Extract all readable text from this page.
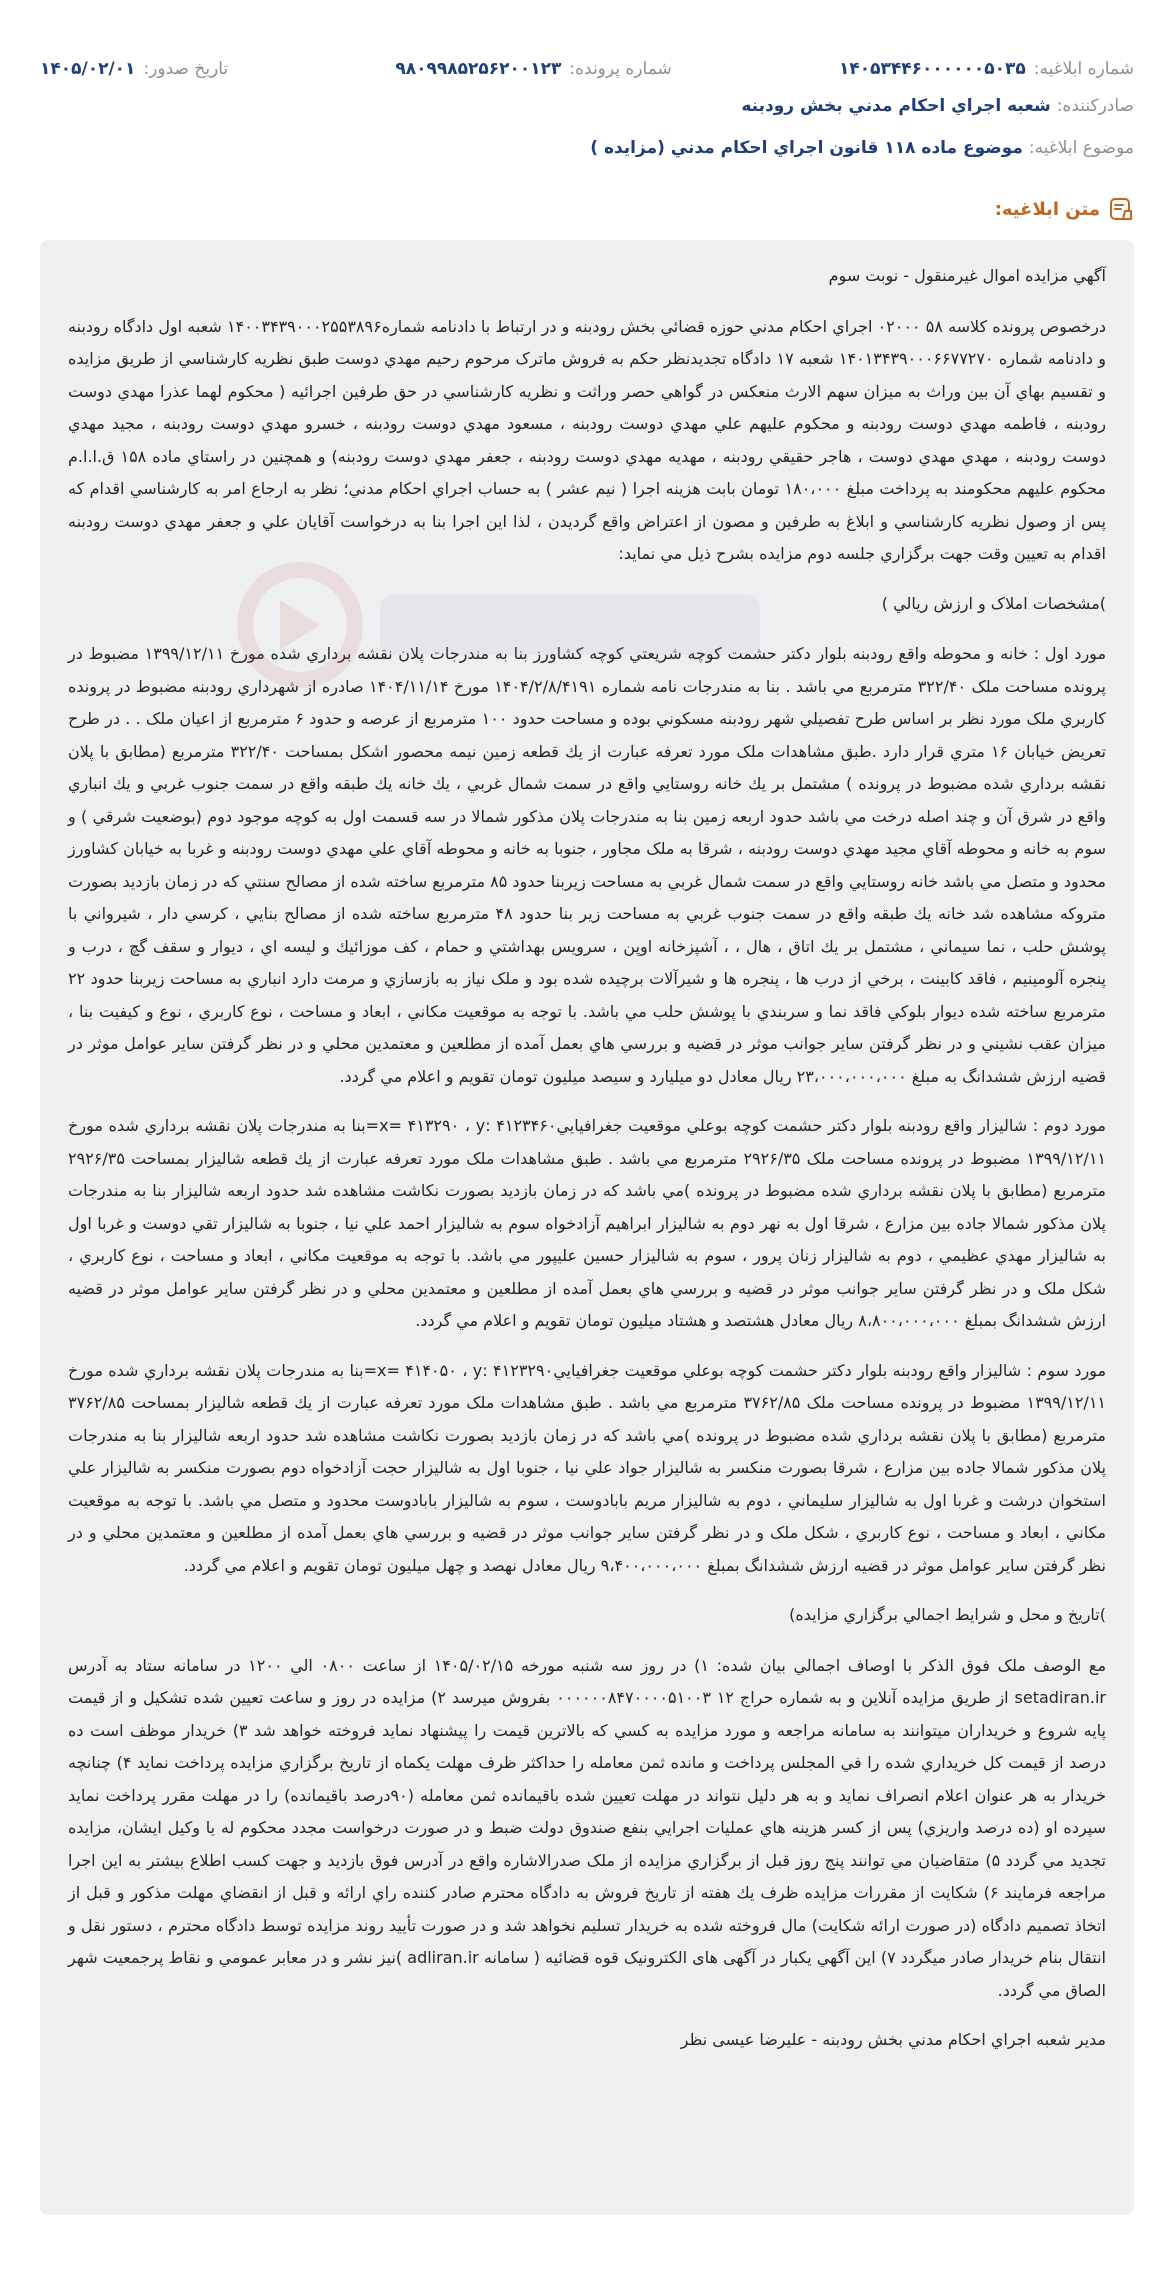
شماره ابلاغیه:
۱۴۰۵۳۴۴۶۰۰۰۰۰۰۵۰۳۵
شماره پرونده:
۹۸۰۹۹۸۵۲۵۶۲۰۰۱۲۳
تاریخ صدور:
۱۴۰۵/۰۲/۰۱
صادرکننده:
شعبه اجراي احكام مدني بخش رودبنه
موضوع ابلاغیه:
موضوع ماده ۱۱۸ قانون اجراي احكام مدني (مزايده )
متن ابلاغیه:

آگهي مزايده اموال غيرمنقول - نوبت سوم

درخصوص پرونده كلاسه ۵۸ ۰۲۰۰۰ اجراي احكام مدني حوزه قضائي بخش رودبنه و در ارتباط با دادنامه شماره۱۴۰۰۳۴۳۹۰۰۰۲۵۵۳۸۹۶ شعبه اول دادگاه رودبنه و دادنامه شماره ۱۴۰۱۳۴۳۹۰۰۰۶۶۷۷۲۷۰ شعبه ۱۷ دادگاه تجديدنظر حكم به فروش ماترک مرحوم رحيم مهدي دوست طبق نظريه كارشناسي از طريق مزايده و تقسيم بهاي آن بين وراث به ميزان سهم الارث منعكس در گواهي حصر وراثت و نظريه كارشناسي در حق طرفين اجرائيه ( محكوم لهما عذرا مهدي دوست رودبنه ، فاطمه مهدي دوست رودبنه و محكوم عليهم علي مهدي دوست رودبنه ، مسعود مهدي دوست رودبنه ، خسرو مهدي دوست رودبنه ، مجيد مهدي دوست رودبنه ، مهدي مهدي دوست ، هاجر حقيقي رودبنه ، مهديه مهدي دوست رودبنه ، جعفر مهدي دوست رودبنه) و همچنين در راستاي ماده ۱۵۸ ق.ا.ا.م محكوم عليهم محكومند به پرداخت مبلغ ۱۸۰،۰۰۰ تومان بابت هزينه اجرا ( نيم عشر ) به حساب اجراي احكام مدني؛ نظر به ارجاع امر به كارشناسي اقدام كه پس از وصول نظريه كارشناسي و ابلاغ به طرفين و مصون از اعتراض واقع گرديدن ، لذا اين اجرا بنا به درخواست آقايان علي و جعفر مهدي دوست رودبنه اقدام به تعيين وقت جهت برگزاري جلسه دوم مزايده بشرح ذيل مي نمايد:

)مشخصات املاک و ارزش ريالي )

مورد اول : خانه و محوطه واقع رودبنه بلوار دكتر حشمت كوچه شريعتي كوچه كشاورز بنا به مندرجات پلان نقشه برداري شده مورخ ۱۳۹۹/۱۲/۱۱ مضبوط در پرونده مساحت ملک ۳۲۲/۴۰ مترمربع مي باشد . بنا به مندرجات نامه شماره ۱۴۰۴/۲/۸/۴۱۹۱ مورخ ۱۴۰۴/۱۱/۱۴ صادره از شهرداري رودبنه مضبوط در پرونده كاربري ملک مورد نظر بر اساس طرح تفصيلي شهر رودبنه مسكوني بوده و مساحت حدود ۱۰۰ مترمربع از عرصه و حدود ۶ مترمربع از اعيان ملک . . در طرح تعريض خيابان ۱۶ متري قرار دارد .طبق مشاهدات ملک مورد تعرفه عبارت از يك قطعه زمين نيمه محصور اشكل بمساحت ۳۲۲/۴۰ مترمربع (مطابق با پلان نقشه برداري شده مضبوط در پرونده ) مشتمل بر يك خانه روستايي واقع در سمت شمال غربي ، يك خانه يك طبقه واقع در سمت جنوب غربي و يك انباري واقع در شرق آن و چند اصله درخت مي باشد حدود اربعه زمين بنا به مندرجات پلان مذكور شمالا در سه قسمت اول به كوچه موجود دوم (بوضعيت شرقي ) و سوم به خانه و محوطه آقاي مجيد مهدي دوست رودبنه ، شرقا به ملک مجاور ، جنوبا به خانه و محوطه آقاي علي مهدي دوست رودبنه و غربا به خيابان كشاورز محدود و متصل مي باشد خانه روستايي واقع در سمت شمال غربي به مساحت زيربنا حدود ۸۵ مترمربع ساخته شده از مصالح سنتي كه در زمان بازديد بصورت متروكه مشاهده شد خانه يك طبقه واقع در سمت جنوب غربي به مساحت زير بنا حدود ۴۸ مترمربع ساخته شده از مصالح بنايي ، كرسي دار ، شيرواني با پوشش حلب ، نما سيماني ، مشتمل بر يك اتاق ، هال ، ، آشپزخانه اوپن ، سرويس بهداشتي و حمام ، كف موزائيك و ليسه اي ، ديوار و سقف گچ ، درب و پنجره آلومينيم ، فاقد كابينت ، برخي از درب ها ، پنجره ها و شيرآلات برچيده شده بود و ملک نياز به بازسازي و مرمت دارد انباري به مساحت زيربنا حدود ۲۲ مترمربع ساخته شده ديوار بلوكي فاقد نما و سربندي با پوشش حلب مي باشد. با توجه به موقعيت مكاني ، ابعاد و مساحت ، نوع كاربري ، نوع و كيفيت بنا ، ميزان عقب نشيني و در نظر گرفتن ساير جوانب موثر در قضيه و بررسي هاي بعمل آمده از مطلعين و معتمدين محلي و در نظر گرفتن ساير عوامل موثر در قضيه ارزش ششدانگ به مبلغ ۲۳،۰۰۰،۰۰۰،۰۰۰ ريال معادل دو ميليارد و سيصد ميليون تومان تقويم و اعلام مي گردد.

مورد دوم : شاليزار واقع رودبنه بلوار دكتر حشمت كوچه بوعلي موقعيت جغرافيايي۴۱۲۳۴۶۰ :x= ۴۱۳۲۹۰ ، y=بنا به مندرجات پلان نقشه برداري شده مورخ ۱۳۹۹/۱۲/۱۱ مضبوط در پرونده مساحت ملک ۲۹۲۶/۳۵ مترمربع مي باشد . طبق مشاهدات ملک مورد تعرفه عبارت از يك قطعه شاليزار بمساحت ۲۹۲۶/۳۵ مترمربع (مطابق با پلان نقشه برداري شده مضبوط در پرونده )مي باشد كه در زمان بازديد بصورت نكاشت مشاهده شد حدود اربعه شاليزار بنا به مندرجات پلان مذكور شمالا جاده بين مزارع ، شرقا اول به نهر دوم به شاليزار ابراهيم آزادخواه سوم به شاليزار احمد علي نيا ، جنوبا به شاليزار تقي دوست و غربا اول به شاليزار مهدي عظيمي ، دوم به شاليزار زنان پرور ، سوم به شاليزار حسين عليپور مي باشد. با توجه به موقعيت مكاني ، ابعاد و مساحت ، نوع كاربري ، شكل ملک و در نظر گرفتن ساير جوانب موثر در قضيه و بررسي هاي بعمل آمده از مطلعين و معتمدين محلي و در نظر گرفتن ساير عوامل موثر در قضيه ارزش ششدانگ بمبلغ ۸،۸۰۰،۰۰۰،۰۰۰ ريال معادل هشتصد و هشتاد ميليون تومان تقويم و اعلام مي گردد.

مورد سوم : شاليزار واقع رودبنه بلوار دكتر حشمت كوچه بوعلي موقعيت جغرافيايي۴۱۲۳۲۹۰ :x= ۴۱۴۰۵۰ ، y=بنا به مندرجات پلان نقشه برداري شده مورخ ۱۳۹۹/۱۲/۱۱ مضبوط در پرونده مساحت ملک ۳۷۶۲/۸۵ مترمربع مي باشد . طبق مشاهدات ملک مورد تعرفه عبارت از يك قطعه شاليزار بمساحت ۳۷۶۲/۸۵ مترمربع (مطابق با پلان نقشه برداري شده مضبوط در پرونده )مي باشد كه در زمان بازديد بصورت نكاشت مشاهده شد حدود اربعه شاليزار بنا به مندرجات پلان مذكور شمالا جاده بين مزارع ، شرقا بصورت منكسر به شاليزار جواد علي نيا ، جنوبا اول به شاليزار حجت آزادخواه دوم بصورت منكسر به شاليزار علي استخوان درشت و غربا اول به شاليزار سليماني ، دوم به شاليزار مريم بابادوست ، سوم به شاليزار بابادوست محدود و متصل مي باشد. با توجه به موقعيت مكاني ، ابعاد و مساحت ، نوع كاربري ، شكل ملک و در نظر گرفتن ساير جوانب موثر در قضيه و بررسي هاي بعمل آمده از مطلعين و معتمدين محلي و در نظر گرفتن ساير عوامل موثر در قضيه ارزش ششدانگ بمبلغ ۹،۴۰۰،۰۰۰،۰۰۰ ريال معادل نهصد و چهل ميليون تومان تقويم و اعلام مي گردد.

)تاريخ و محل و شرايط اجمالي برگزاري مزايده)

مع الوصف ملک فوق الذكر با اوصاف اجمالي بيان شده: ۱) در روز سه شنبه مورخه ۱۴۰۵/۰۲/۱۵ از ساعت ۰۸۰۰ الي ۱۲۰۰ در سامانه ستاد به آدرس setadiran.ir از طريق مزايده آنلاين و به شماره حراج ۱۲ ۰۰۰۰۰۰۸۴۷۰۰۰۰۵۱۰۰۳ بفروش ميرسد ۲) مزايده در روز و ساعت تعيين شده تشكيل و از قيمت پايه شروع و خريداران ميتوانند به سامانه مراجعه و مورد مزايده به كسي كه بالاترين قيمت را پيشنهاد نمايد فروخته خواهد شد ۳) خريدار موظف است ده درصد از قيمت كل خريداري شده را في المجلس پرداخت و مانده ثمن معامله را حداكثر ظرف مهلت يكماه از تاريخ برگزاري مزايده پرداخت نمايد ۴) چنانچه خريدار به هر عنوان اعلام انصراف نمايد و به هر دليل نتواند در مهلت تعيين شده باقيمانده ثمن معامله (۹۰درصد باقيمانده) را در مهلت مقرر پرداخت نمايد سپرده او (ده درصد واريزي) پس از كسر هزينه هاي عمليات اجرايي بنفع صندوق دولت ضبط و در صورت درخواست مجدد محكوم له يا وكيل ايشان، مزايده تجديد مي گردد ۵) متقاضيان مي توانند پنج روز قبل از برگزاري مزايده از ملک صدرالاشاره واقع در آدرس فوق بازديد و جهت كسب اطلاع بيشتر به اين اجرا مراجعه فرمايند ۶) شكايت از مقررات مزايده ظرف يك هفته از تاريخ فروش به دادگاه محترم صادر كننده راي ارائه و قبل از انقضاي مهلت مذكور و قبل از اتخاذ تصميم دادگاه (در صورت ارائه شكايت) مال فروخته شده به خريدار تسليم نخواهد شد و در صورت تأييد روند مزايده توسط دادگاه محترم ، دستور نقل و انتقال بنام خريدار صادر ميگردد ۷) اين آگهي يكبار در آگهی های الكترونيک قوه قضائيه ( سامانه adliran.ir )نيز نشر و در معابر عمومي و نقاط پرجمعيت شهر الصاق مي گردد.

مدير شعبه اجراي احكام مدني بخش رودبنه - عليرضا عيسی نظر
